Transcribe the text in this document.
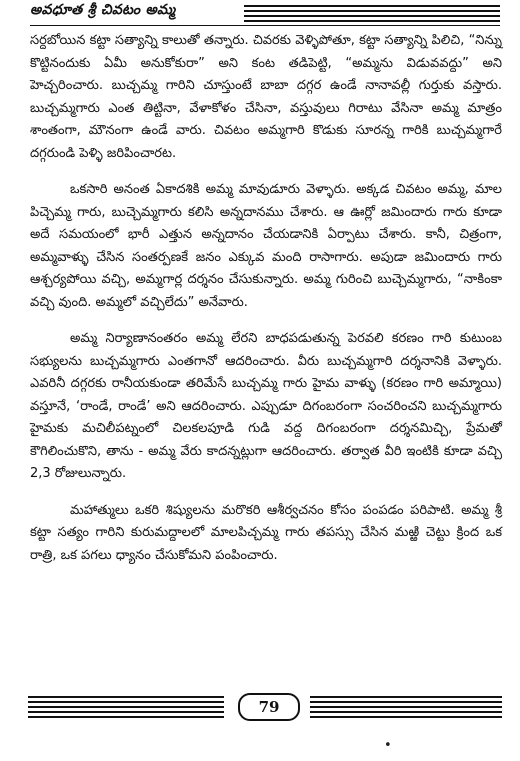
అవధూత శ్రీ చివటం అమ్మ

సర్దబోయిన కట్టా సత్యాన్ని కాలుతో తన్నారు. చివరకు వెళ్ళిపోతూ, కట్టా సత్యాన్ని పిలిచి, “నిన్ను కొట్టినందుకు ఏమీ అనుకోకురా” అని కంట తడిపెట్టి, “అమ్మను విడువవద్దు” అని హెచ్చరించారు. బుచ్చమ్మ గారిని చూస్తుంటే బాబా దగ్గర ఉండే నానావల్లీ గుర్తుకు వస్తారు. బుచ్చమ్మగారు ఎంత తిట్టినా, వేళాకోళం చేసినా, వస్తువులు గిరాటు వేసినా అమ్మ మాత్రం శాంతంగా, మౌనంగా ఉండే వారు. చివటం అమ్మగారి కొడుకు సూరన్న గారికి బుచ్చమ్మగారే దగ్గరుండి పెళ్ళి జరిపించారట.

ఒకసారి అనంత ఏకాదశికి అమ్మ మావుడూరు వెళ్ళారు. అక్కడ చివటం అమ్మ, మాల పిచ్చెమ్మ గారు, బుచ్చెమ్మగారు కలిసి అన్నదానము చేశారు. ఆ ఊర్లో జమిందారు గారు కూడా అదే సమయంలో భారీ ఎత్తున అన్నదానం చేయడానికి ఏర్పాటు చేశారు. కానీ, చిత్రంగా, అమ్మవాళ్ళు చేసిన సంతర్పణకే జనం ఎక్కువ మంది రాసాగారు. అపుడా జమిందారు గారు ఆశ్చర్యపోయి వచ్చి, అమ్మగార్ల దర్శనం చేసుకున్నారు. అమ్మ గురించి బుచ్చెమ్మగారు, “నాకింకా వచ్చి వుంది. అమ్మలో వచ్చిలేదు” అనేవారు.

అమ్మ నిర్యాణానంతరం అమ్మ లేరని బాధపడుతున్న పెరవలి కరణం గారి కుటుంబ సభ్యులను బుచ్చమ్మగారు ఎంతగానో ఆదరించారు. వీరు బుచ్చమ్మగారి దర్శనానికి వెళ్ళారు. ఎవరినీ దగ్గరకు రానీయకుండా తరిమేసే బుచ్చమ్మ గారు హైమ వాళ్ళు (కరణం గారి అమ్మాయి) వస్తూనే, ‘రాండే, రాండే’ అని ఆదరించారు. ఎప్పుడూ దిగంబరంగా సంచరించని బుచ్చమ్మగారు హైమకు మచిలీపట్నంలో చిలకలపూడి గుడి వద్ద దిగంబరంగా దర్శనమిచ్చి, ప్రేమతో కౌగిలించుకొని, తాను - అమ్మ వేరు కాదన్నట్లుగా ఆదరించారు. తర్వాత వీరి ఇంటికి కూడా వచ్చి 2,3 రోజులున్నారు.

మహాత్ములు ఒకరి శిష్యులను మరొకరి ఆశీర్వచనం కోసం పంపడం పరిపాటి. అమ్మ శ్రీ కట్టా సత్యం గారిని కురుమద్దాలలో మాలపిచ్చమ్మ గారు తపస్సు చేసిన మఱ్ఱి చెట్టు క్రింద ఒక రాత్రి, ఒక పగలు ధ్యానం చేసుకోమని పంపించారు.

79
•
